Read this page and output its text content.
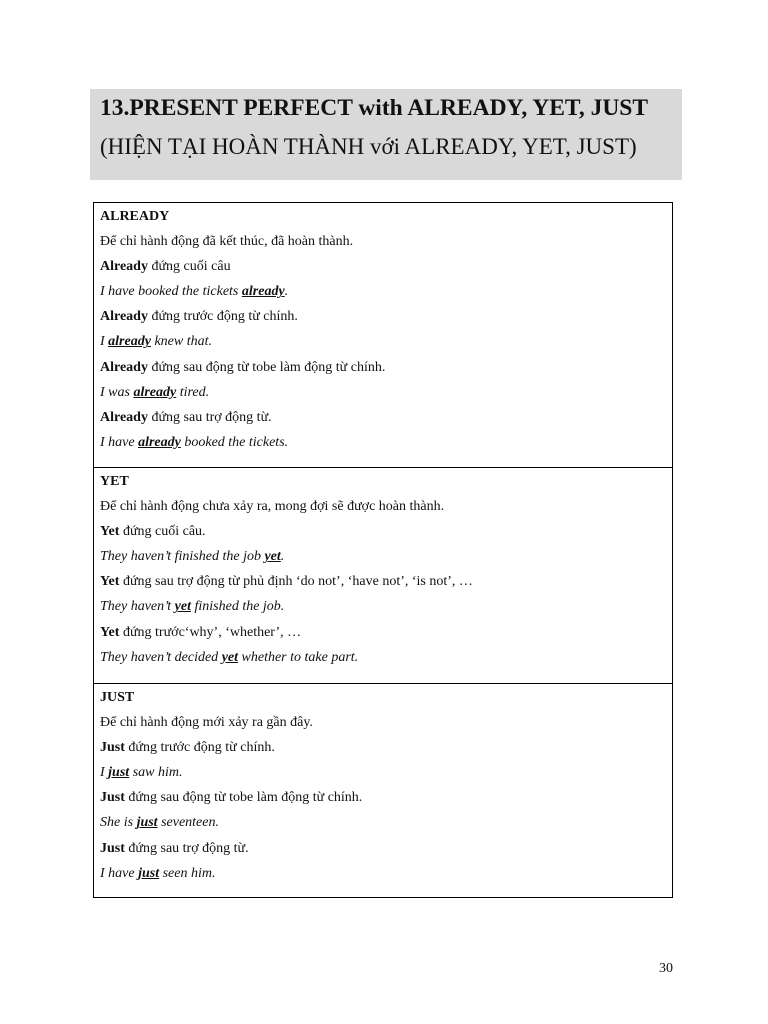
13.PRESENT PERFECT with ALREADY, YET, JUST
(HIỆN TẠI HOÀN THÀNH với ALREADY, YET, JUST)
ALREADY
Để chỉ hành động đã kết thúc, đã hoàn thành.
Already đứng cuối câu
I have booked the tickets already.
Already đứng trước động từ chính.
I already knew that.
Already đứng sau động từ tobe làm động từ chính.
I was already tired.
Already đứng sau trợ động từ.
I have already booked the tickets.
YET
Để chỉ hành động chưa xảy ra, mong đợi sẽ được hoàn thành.
Yet đứng cuối câu.
They haven’t finished the job yet.
Yet đứng sau trợ động từ phủ định ‘do not’, ‘have not’, ‘is not’, …
They haven’t yet finished the job.
Yet đứng trước‘why’, ‘whether’, …
They haven’t decided yet whether to take part.
JUST
Để chỉ hành động mới xảy ra gần đây.
Just đứng trước động từ chính.
I just saw him.
Just đứng sau động từ tobe làm động từ chính.
She is just seventeen.
Just đứng sau trợ động từ.
I have just seen him.
30
